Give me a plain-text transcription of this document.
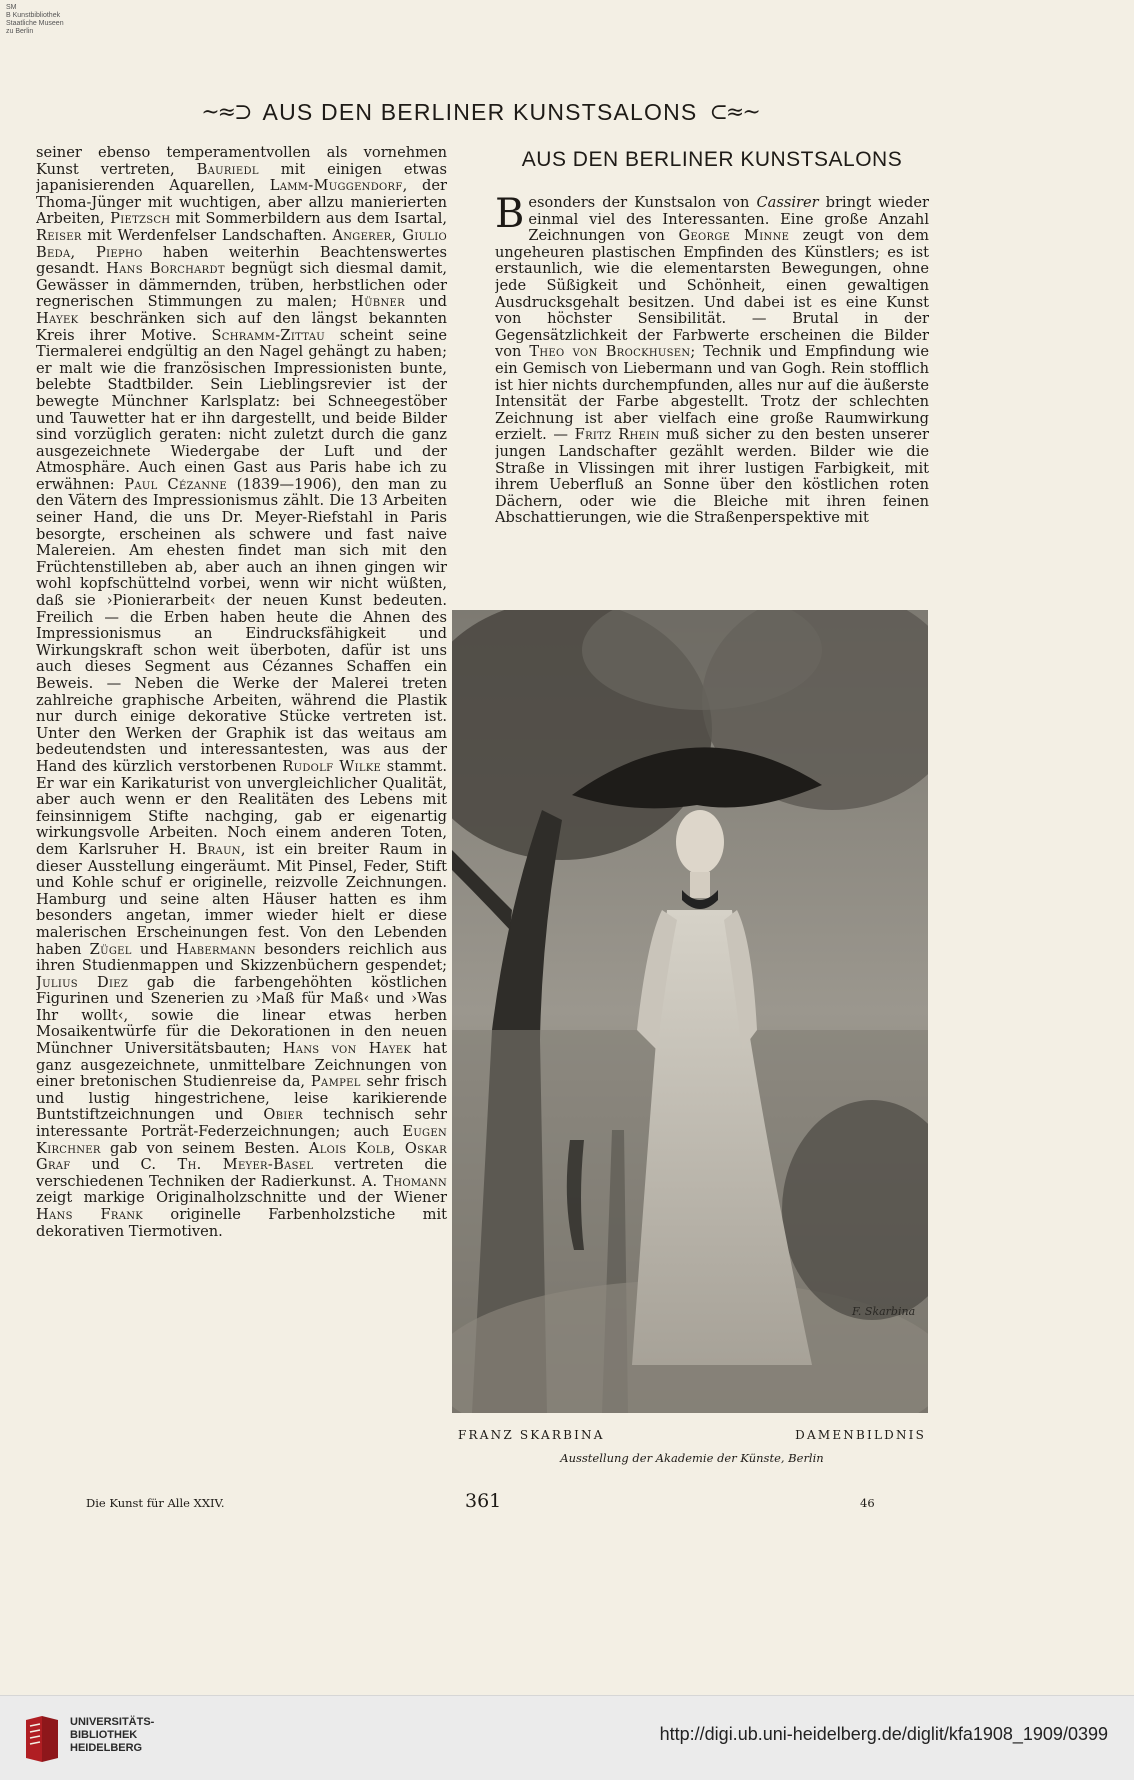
SM
B Kunstbibliothek
Staatliche Museen
zu Berlin
~≈⊃ AUS DEN BERLINER KUNSTSALONS ⊂≈~

seiner ebenso temperamentvollen als vornehmen Kunst vertreten, Bauriedl mit einigen etwas japanisierenden Aquarellen, Lamm-Muggendorf, der Thoma-Jünger mit wuchtigen, aber allzu manierierten Arbeiten, Pietzsch mit Sommerbildern aus dem Isartal, Reiser mit Werdenfelser Landschaften. Angerer, Giulio Beda, Piepho haben weiterhin Beachtenswertes gesandt. Hans Borchardt begnügt sich diesmal damit, Gewässer in dämmernden, trüben, herbstlichen oder regnerischen Stimmungen zu malen; Hübner und Hayek beschränken sich auf den längst bekannten Kreis ihrer Motive. Schramm-Zittau scheint seine Tiermalerei endgültig an den Nagel gehängt zu haben; er malt wie die französischen Impressionisten bunte, belebte Stadtbilder. Sein Lieblingsrevier ist der bewegte Münchner Karlsplatz: bei Schneegestöber und Tauwetter hat er ihn dargestellt, und beide Bilder sind vorzüglich geraten: nicht zuletzt durch die ganz ausgezeichnete Wiedergabe der Luft und der Atmosphäre. Auch einen Gast aus Paris habe ich zu erwähnen: Paul Cézanne (1839—1906), den man zu den Vätern des Impressionismus zählt. Die 13 Arbeiten seiner Hand, die uns Dr. Meyer-Riefstahl in Paris besorgte, erscheinen als schwere und fast naive Malereien. Am ehesten findet man sich mit den Früchtenstilleben ab, aber auch an ihnen gingen wir wohl kopfschüttelnd vorbei, wenn wir nicht wüßten, daß sie ›Pionierarbeit‹ der neuen Kunst bedeuten. Freilich — die Erben haben heute die Ahnen des Impressionismus an Eindrucksfähigkeit und Wirkungskraft schon weit überboten, dafür ist uns auch dieses Segment aus Cézannes Schaffen ein Beweis. — Neben die Werke der Malerei treten zahlreiche graphische Arbeiten, während die Plastik nur durch einige dekorative Stücke vertreten ist. Unter den Werken der Graphik ist das weitaus am bedeutendsten und interessantesten, was aus der Hand des kürzlich verstorbenen Rudolf Wilke stammt. Er war ein Karikaturist von unvergleichlicher Qualität, aber auch wenn er den Realitäten des Lebens mit feinsinnigem Stifte nachging, gab er eigenartig wirkungsvolle Arbeiten. Noch einem anderen Toten, dem Karlsruher H. Braun, ist ein breiter Raum in dieser Ausstellung eingeräumt. Mit Pinsel, Feder, Stift und Kohle schuf er originelle, reizvolle Zeichnungen. Hamburg und seine alten Häuser hatten es ihm besonders angetan, immer wieder hielt er diese malerischen Erscheinungen fest. Von den Lebenden haben Zügel und Habermann besonders reichlich aus ihren Studienmappen und Skizzenbüchern gespendet; Julius Diez gab die farbengehöhten köstlichen Figurinen und Szenerien zu ›Maß für Maß‹ und ›Was Ihr wollt‹, sowie die linear etwas herben Mosaikentwürfe für die Dekorationen in den neuen Münchner Universitätsbauten; Hans von Hayek hat ganz ausgezeichnete, unmittelbare Zeichnungen von einer bretonischen Studienreise da, Pampel sehr frisch und lustig hingestrichene, leise karikierende Buntstiftzeichnungen und Obier technisch sehr interessante Porträt-Federzeichnungen; auch Eugen Kirchner gab von seinem Besten. Alois Kolb, Oskar Graf und C. Th. Meyer-Basel vertreten die verschiedenen Techniken der Radierkunst. A. Thomann zeigt markige Originalholzschnitte und der Wiener Hans Frank originelle Farbenholzstiche mit dekorativen Tiermotiven.

AUS DEN BERLINER KUNSTSALONS

Besonders der Kunstsalon von Cassirer bringt wieder einmal viel des Interessanten. Eine große Anzahl Zeichnungen von George Minne zeugt von dem ungeheuren plastischen Empfinden des Künstlers; es ist erstaunlich, wie die elementarsten Bewegungen, ohne jede Süßigkeit und Schönheit, einen gewaltigen Ausdrucksgehalt besitzen. Und dabei ist es eine Kunst von höchster Sensibilität. — Brutal in der Gegensätzlichkeit der Farbwerte erscheinen die Bilder von Theo von Brockhusen; Technik und Empfindung wie ein Gemisch von Liebermann und van Gogh. Rein stofflich ist hier nichts durchempfunden, alles nur auf die äußerste Intensität der Farbe abgestellt. Trotz der schlechten Zeichnung ist aber vielfach eine große Raumwirkung erzielt. — Fritz Rhein muß sicher zu den besten unserer jungen Landschafter gezählt werden. Bilder wie die Straße in Vlissingen mit ihrer lustigen Farbigkeit, mit ihrem Ueberfluß an Sonne über den köstlichen roten Dächern, oder wie die Bleiche mit ihren feinen Abschattierungen, wie die Straßenperspektive mit

F. Skarbina
FRANZ SKARBINA	DAMENBILDNIS
Ausstellung der Akademie der Künste, Berlin
Die Kunst für Alle XXIV.	361	46
UNIVERSITÄTS-
BIBLIOTHEK
HEIDELBERG
http://digi.ub.uni-heidelberg.de/diglit/kfa1908_1909/0399
